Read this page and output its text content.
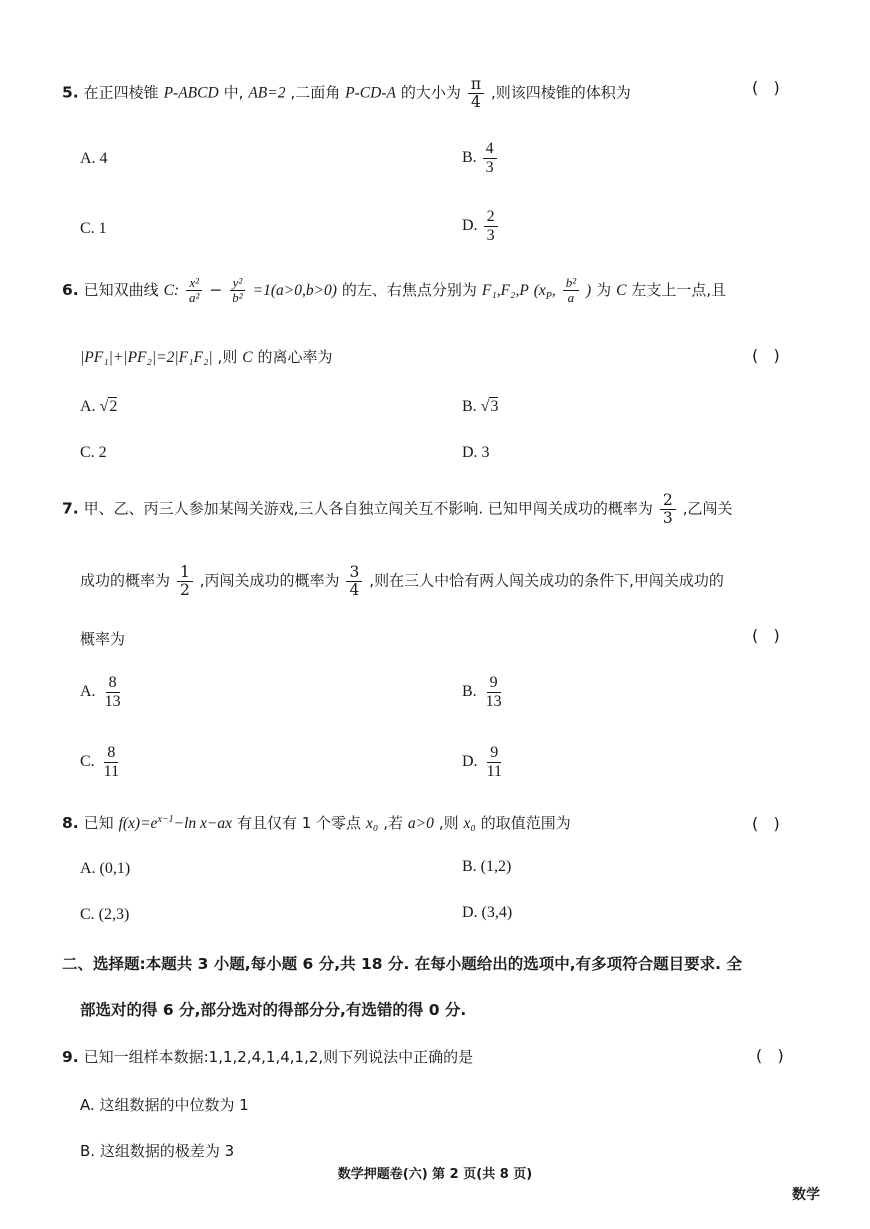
5. 在正四棱锥 P-ABCD 中, AB=2 ,二面角 P-CD-A 的大小为 $\frac{\pi}{4}$ ,则该四棱锥的体积为	(   )
A. 4	B. $\frac{4}{3}$
C. 1	D. $\frac{2}{3}$
6. 已知双曲线 C: $\frac{\text{x²}}{\text{a²}} - \frac{\text{y²}}{\text{b²}} =1(a>0,b>0)$ 的左、右焦点分别为 F₁,F₂,P ($x_P$, $\frac{\text{b²}}{a}$ ) 为 C 左支上一点,且
|PF₁|+|PF₂|=2|F₁F₂| ,则 C 的离心率为	(   )
A. √2	B. √3
C. 2	D. 3
7. 甲、乙、丙三人参加某闯关游戏,三人各自独立闯关互不影响. 已知甲闯关成功的概率为 $\frac{2}{3}$ ,乙闯关
成功的概率为 $\frac{1}{2}$ ,丙闯关成功的概率为 $\frac{3}{4}$ ,则在三人中恰有两人闯关成功的条件下,甲闯关成功的
概率为	(   )
A. $\frac{8}{13}$	B. $\frac{9}{13}$
C. $\frac{8}{11}$	D. $\frac{9}{11}$
8. 已知 $f(x)=e^{x-1}-\ln$ x−ax 有且仅有 1 个零点 x₀ ,若 a>0 ,则 x₀ 的取值范围为	(   )
A. (0,1)	B. (1,2)
C. (2,3)	D. (3,4)
二、选择题:本题共 3 小题,每小题 6 分,共 18 分. 在每小题给出的选项中,有多项符合题目要求. 全
部选对的得 6 分,部分选对的得部分分,有选错的得 0 分.
9. 已知一组样本数据:1,1,2,4,1,4,1,2,则下列说法中正确的是	(   )
A. 这组数据的中位数为 1
B. 这组数据的极差为 3
数学押题卷(六) 第 2 页(共 8 页)
数学
